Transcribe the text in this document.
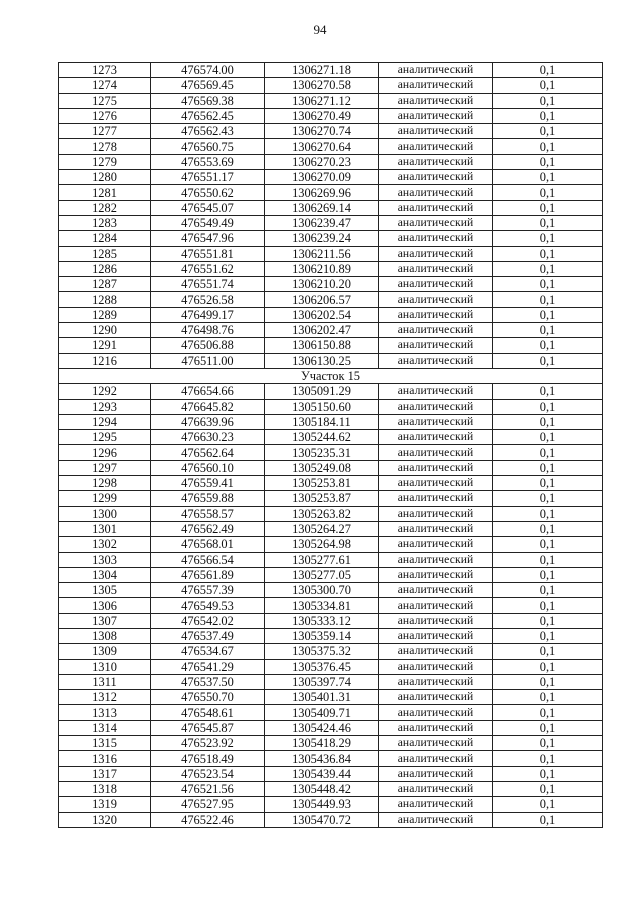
94
1273	476574.00	1306271.18	аналитический	0,1
1274	476569.45	1306270.58	аналитический	0,1
1275	476569.38	1306271.12	аналитический	0,1
1276	476562.45	1306270.49	аналитический	0,1
1277	476562.43	1306270.74	аналитический	0,1
1278	476560.75	1306270.64	аналитический	0,1
1279	476553.69	1306270.23	аналитический	0,1
1280	476551.17	1306270.09	аналитический	0,1
1281	476550.62	1306269.96	аналитический	0,1
1282	476545.07	1306269.14	аналитический	0,1
1283	476549.49	1306239.47	аналитический	0,1
1284	476547.96	1306239.24	аналитический	0,1
1285	476551.81	1306211.56	аналитический	0,1
1286	476551.62	1306210.89	аналитический	0,1
1287	476551.74	1306210.20	аналитический	0,1
1288	476526.58	1306206.57	аналитический	0,1
1289	476499.17	1306202.54	аналитический	0,1
1290	476498.76	1306202.47	аналитический	0,1
1291	476506.88	1306150.88	аналитический	0,1
1216	476511.00	1306130.25	аналитический	0,1
Участок 15				
1292	476654.66	1305091.29	аналитический	0,1
1293	476645.82	1305150.60	аналитический	0,1
1294	476639.96	1305184.11	аналитический	0,1
1295	476630.23	1305244.62	аналитический	0,1
1296	476562.64	1305235.31	аналитический	0,1
1297	476560.10	1305249.08	аналитический	0,1
1298	476559.41	1305253.81	аналитический	0,1
1299	476559.88	1305253.87	аналитический	0,1
1300	476558.57	1305263.82	аналитический	0,1
1301	476562.49	1305264.27	аналитический	0,1
1302	476568.01	1305264.98	аналитический	0,1
1303	476566.54	1305277.61	аналитический	0,1
1304	476561.89	1305277.05	аналитический	0,1
1305	476557.39	1305300.70	аналитический	0,1
1306	476549.53	1305334.81	аналитический	0,1
1307	476542.02	1305333.12	аналитический	0,1
1308	476537.49	1305359.14	аналитический	0,1
1309	476534.67	1305375.32	аналитический	0,1
1310	476541.29	1305376.45	аналитический	0,1
1311	476537.50	1305397.74	аналитический	0,1
1312	476550.70	1305401.31	аналитический	0,1
1313	476548.61	1305409.71	аналитический	0,1
1314	476545.87	1305424.46	аналитический	0,1
1315	476523.92	1305418.29	аналитический	0,1
1316	476518.49	1305436.84	аналитический	0,1
1317	476523.54	1305439.44	аналитический	0,1
1318	476521.56	1305448.42	аналитический	0,1
1319	476527.95	1305449.93	аналитический	0,1
1320	476522.46	1305470.72	аналитический	0,1
